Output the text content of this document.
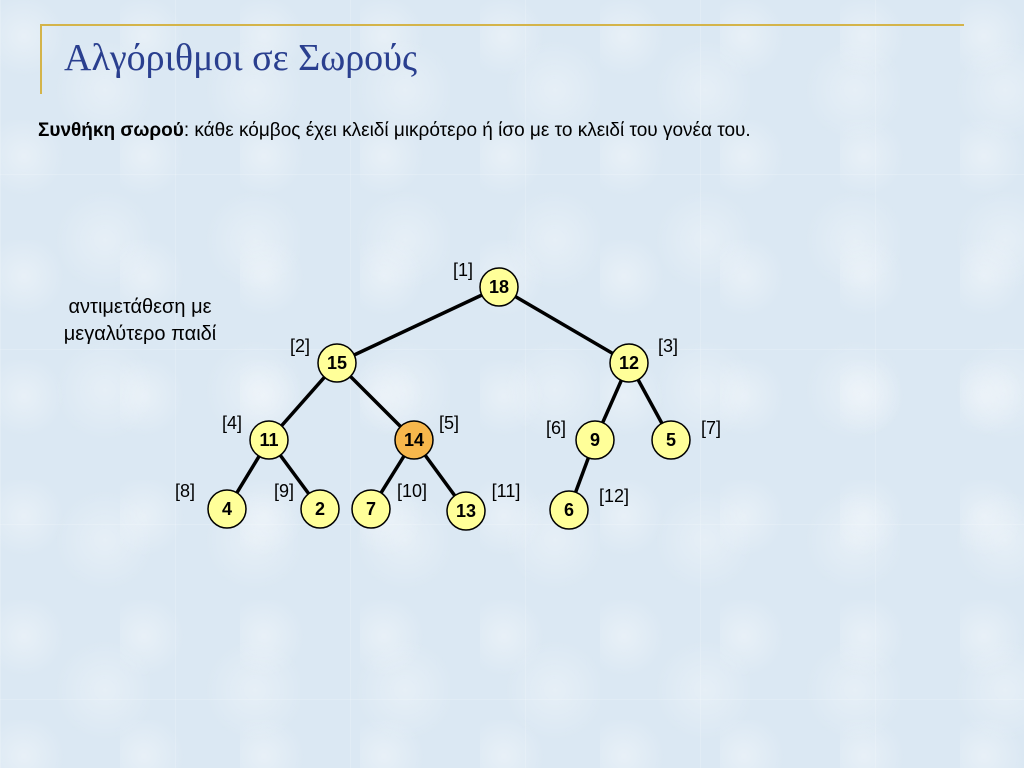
Αλγόριθμοι σε Σωρούς
Συνθήκη σωρού: κάθε κόμβος έχει κλειδί μικρότερο ή ίσο με το κλειδί του γονέα του.
αντιμετάθεση με
μεγαλύτερο παιδί
18
[1]
15
[2]
12
[3]
11
[4]
14
[5]
9
[6]
5
[7]
4
[8]
2
[9]
7
[10]
13
[11]
6
[12]
